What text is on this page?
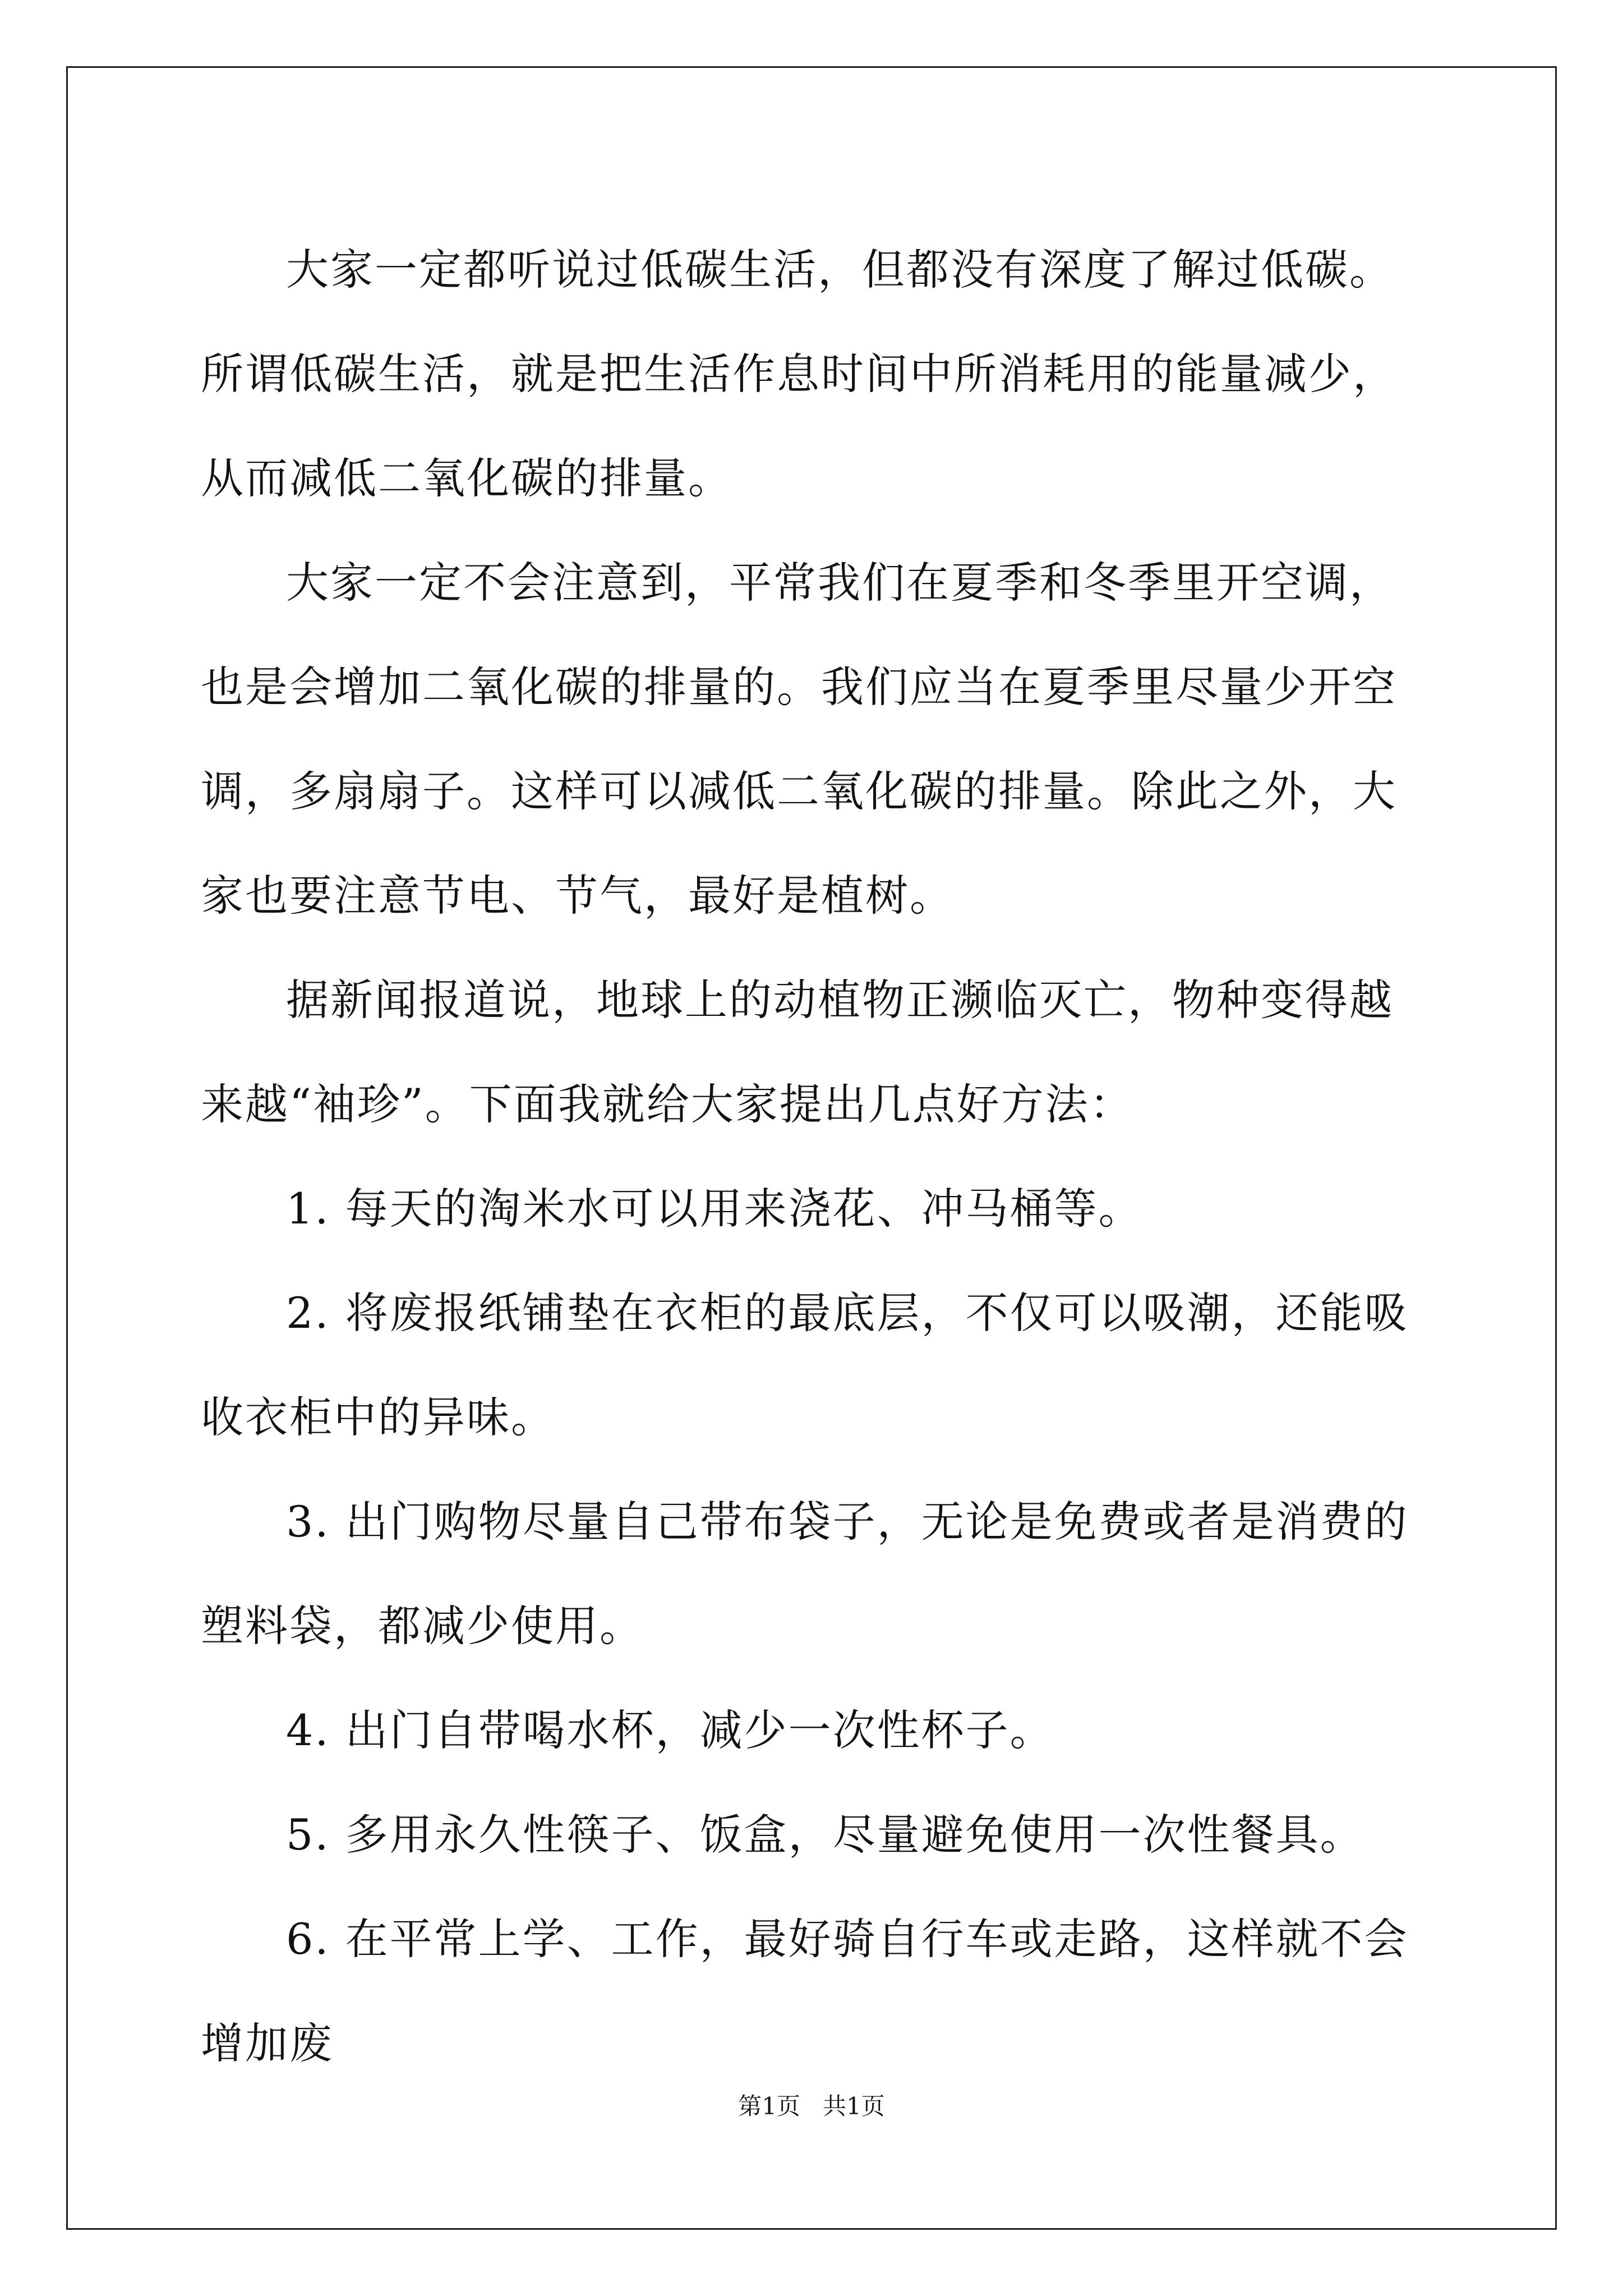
大家一定都听说过低碳生活，但都没有深度了解过低碳。所谓低碳生活，就是把生活作息时间中所消耗用的能量减少，从而减低二氧化碳的排量。

大家一定不会注意到，平常我们在夏季和冬季里开空调，也是会增加二氧化碳的排量的。我们应当在夏季里尽量少开空调，多扇扇子。这样可以减低二氧化碳的排量。除此之外，大家也要注意节电、节气，最好是植树。

据新闻报道说，地球上的动植物正濒临灭亡，物种变得越来越“袖珍”。下面我就给大家提出几点好方法：

1. 每天的淘米水可以用来浇花、冲马桶等。

2. 将废报纸铺垫在衣柜的最底层，不仅可以吸潮，还能吸收衣柜中的异味。

3. 出门购物尽量自己带布袋子，无论是免费或者是消费的塑料袋，都减少使用。

4. 出门自带喝水杯，减少一次性杯子。

5. 多用永久性筷子、饭盒，尽量避免使用一次性餐具。

6. 在平常上学、工作，最好骑自行车或走路，这样就不会增加废

第1页   共1页
